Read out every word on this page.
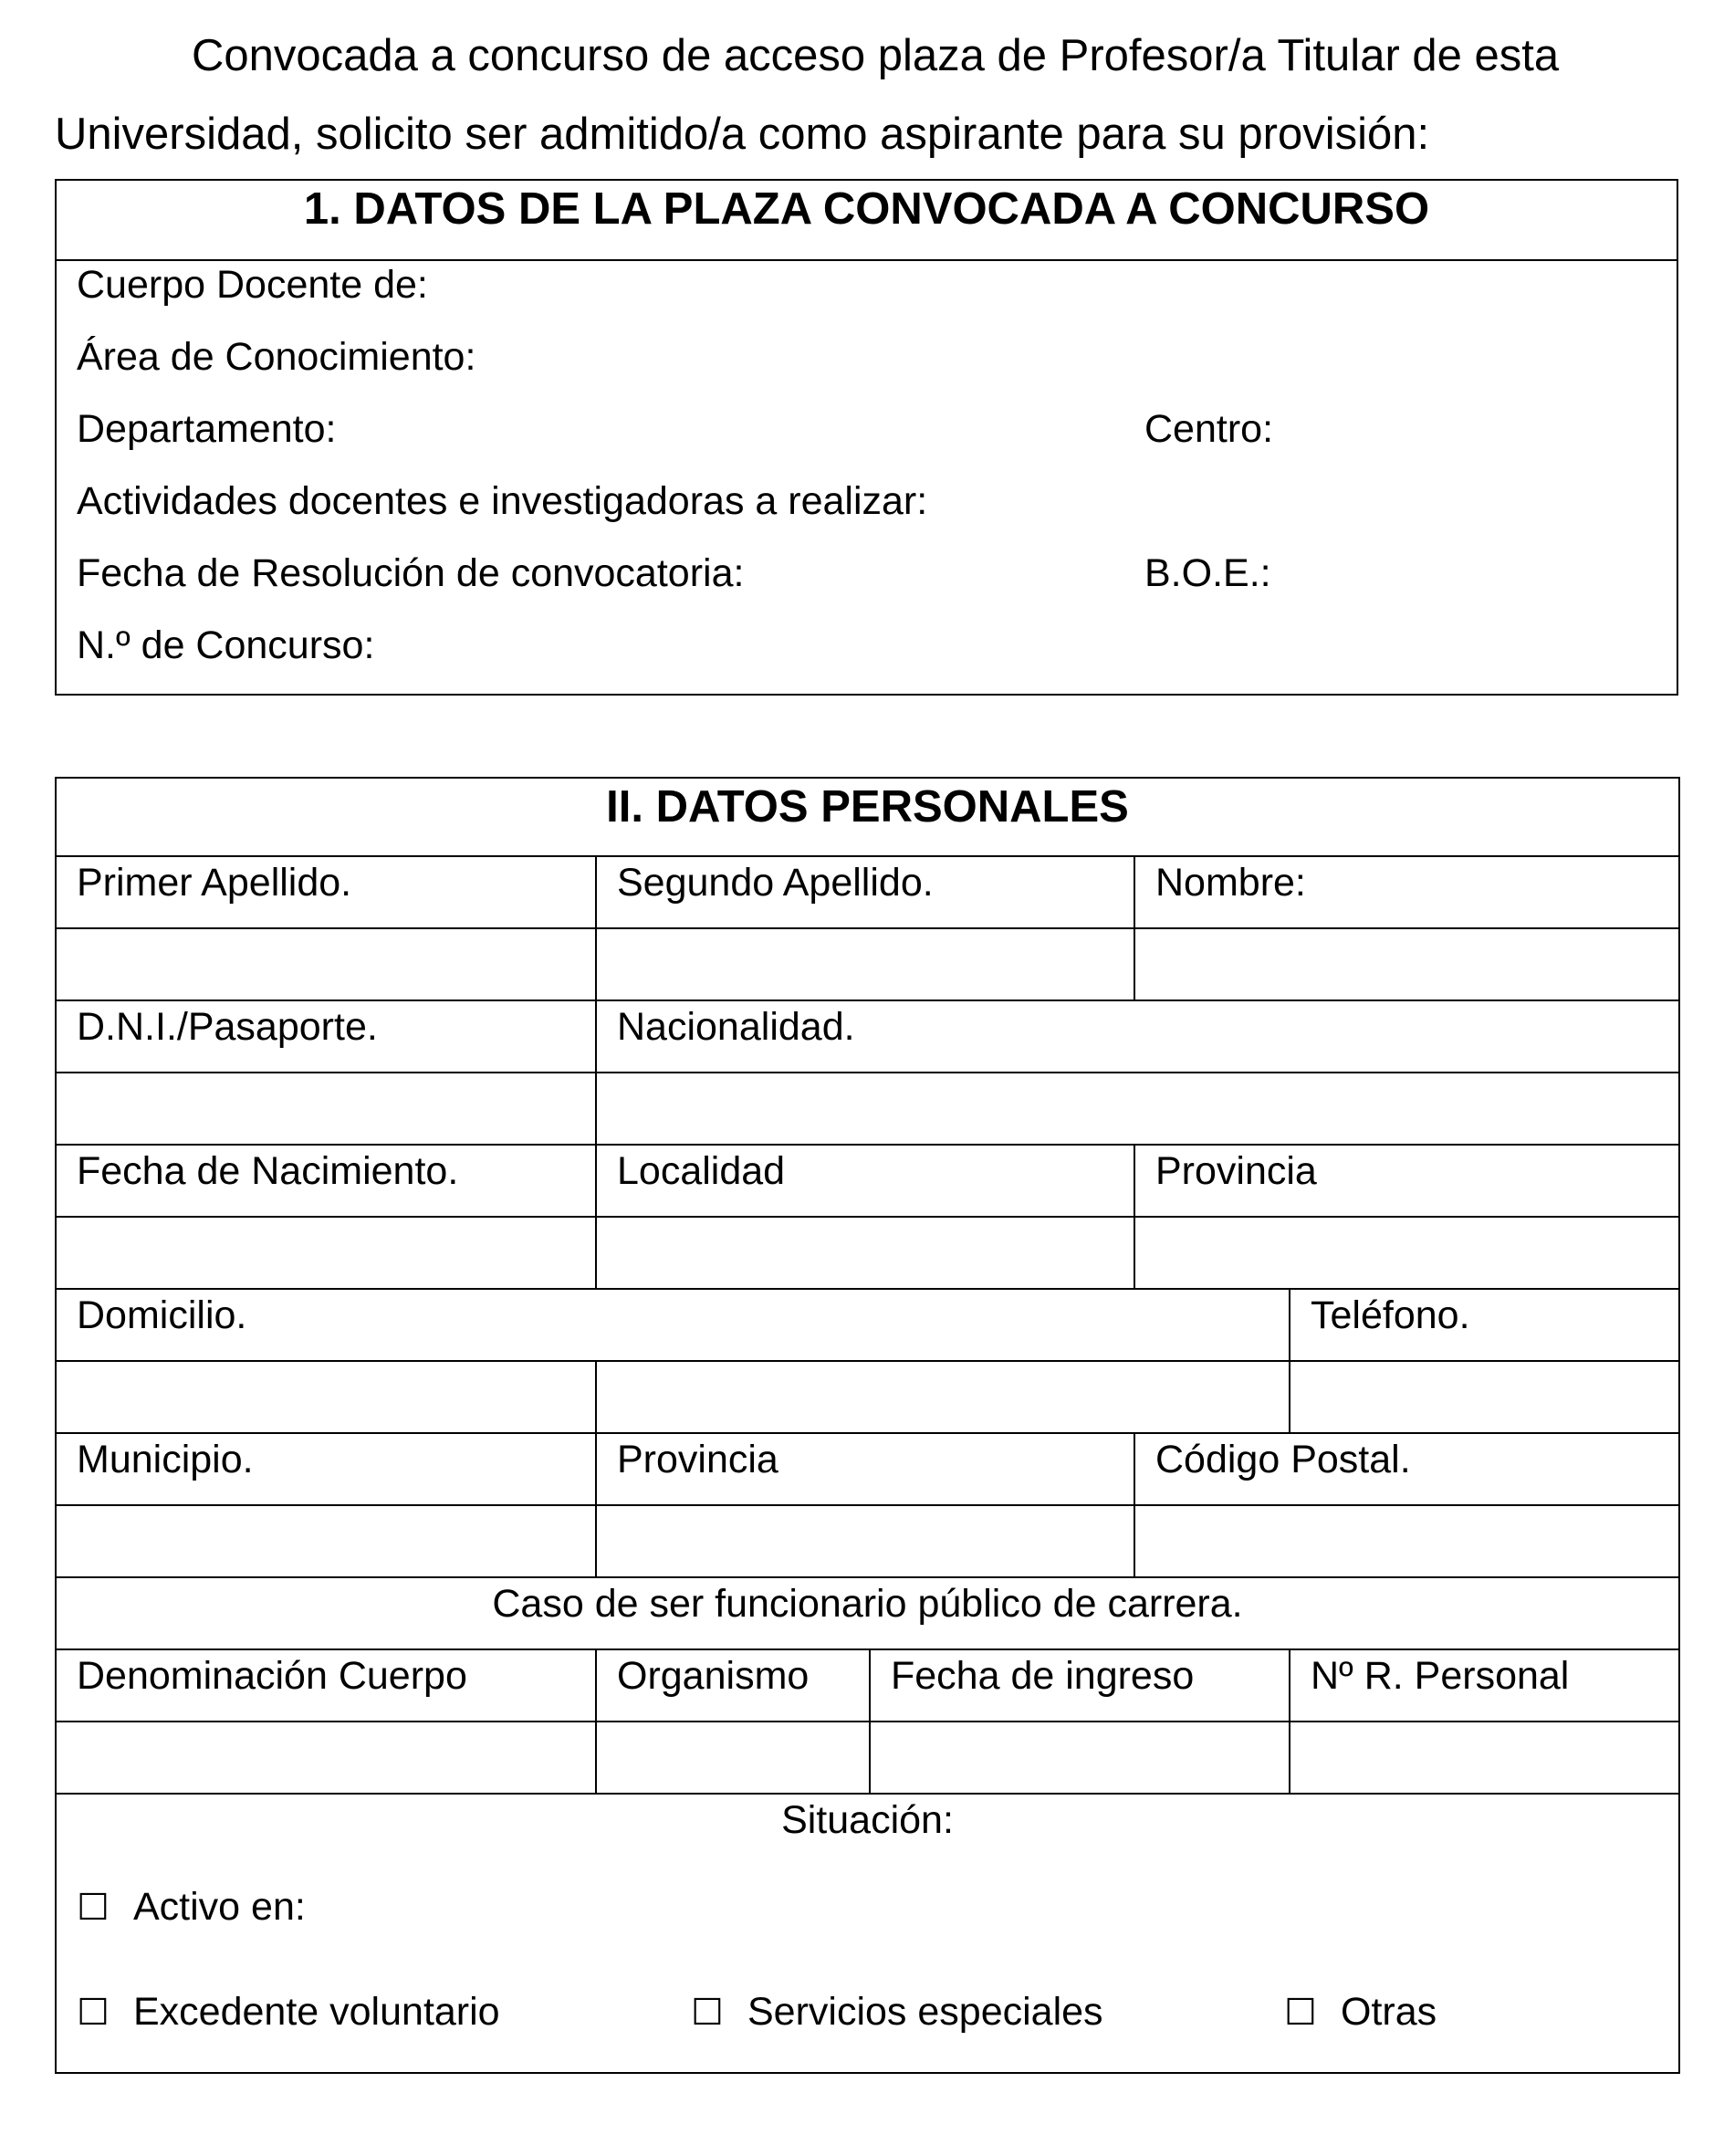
Convocada a concurso de acceso plaza de Profesor/a Titular de esta
Universidad, solicito ser admitido/a como aspirante para su provisión:

1. DATOS DE LA PLAZA CONVOCADA A CONCURSO
Cuerpo Docente de:
Área de Conocimiento:
Departamento:	Centro:
Actividades docentes e investigadoras a realizar:
Fecha de Resolución de convocatoria:	B.O.E.:
N.º de Concurso:
II. DATOS PERSONALES				
Primer Apellido.	Segundo Apellido.		Nombre:	

D.N.I./Pasaporte.	Nacionalidad.			

Fecha de Nacimiento.	Localidad		Provincia	

Domicilio.				Teléfono.

Municipio.	Provincia		Código Postal.	

Caso de ser funcionario público de carrera.				
Denominación Cuerpo	Organismo	Fecha de ingreso		Nº R. Personal

Situación:
☐ Activo en:
☐ Excedente voluntario ☐ Servicios especiales ☐ Otras				
